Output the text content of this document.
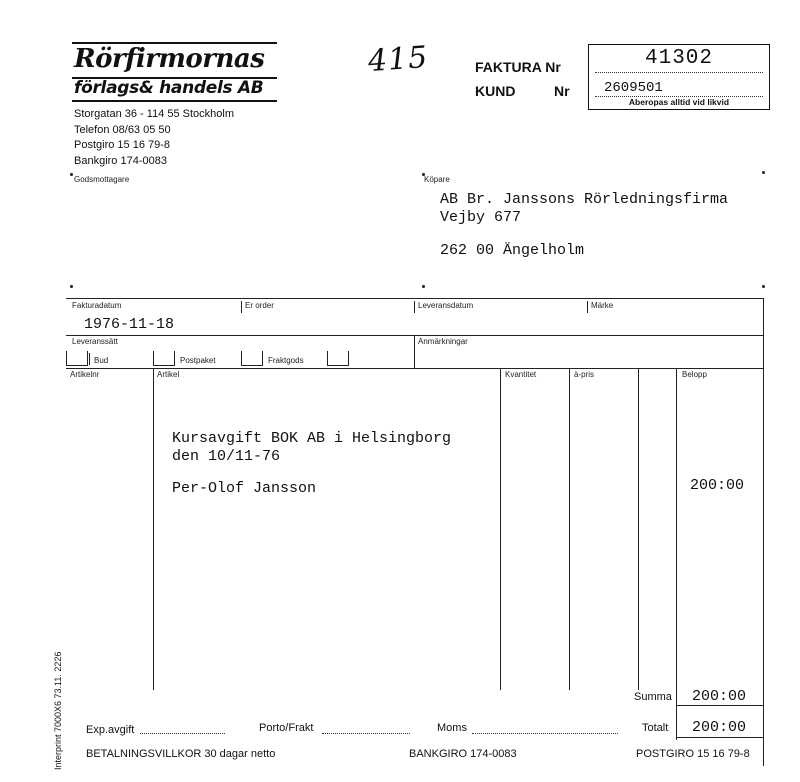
Rörfirmornas
förlags& handels AB
Storgatan 36 - 114 55 Stockholm
Telefon 08/63 05 50
Postgiro 15 16 79-8
Bankgiro 174-0083
415	FAKTURA Nr
KUND	Nr
41302
2609501
Aberopas alltid vid likvid
Godsmottagare	Köpare
AB Br. Janssons Rörledningsfirma
Vejby 677
262 00 Ängelholm
Fakturadatum	Er order	Leveransdatum	Märke
1976-11-18
Leveranssätt	Anmärkningar
Bud	Postpaket	Fraktgods
Artikelnr	Artikel	Kvantitet	à-pris	Belopp
Kursavgift BOK AB i Helsingborg
den 10/11-76
Per-Olof Jansson	200:00
Summa 200:00
Exp.avgift	Porto/Frakt	Moms	Totalt 200:00
BETALNINGSVILLKOR 30 dagar netto	BANKGIRO 174-0083	POSTGIRO 15 16 79-8
Interprint 7000X6 73.11. 2226
